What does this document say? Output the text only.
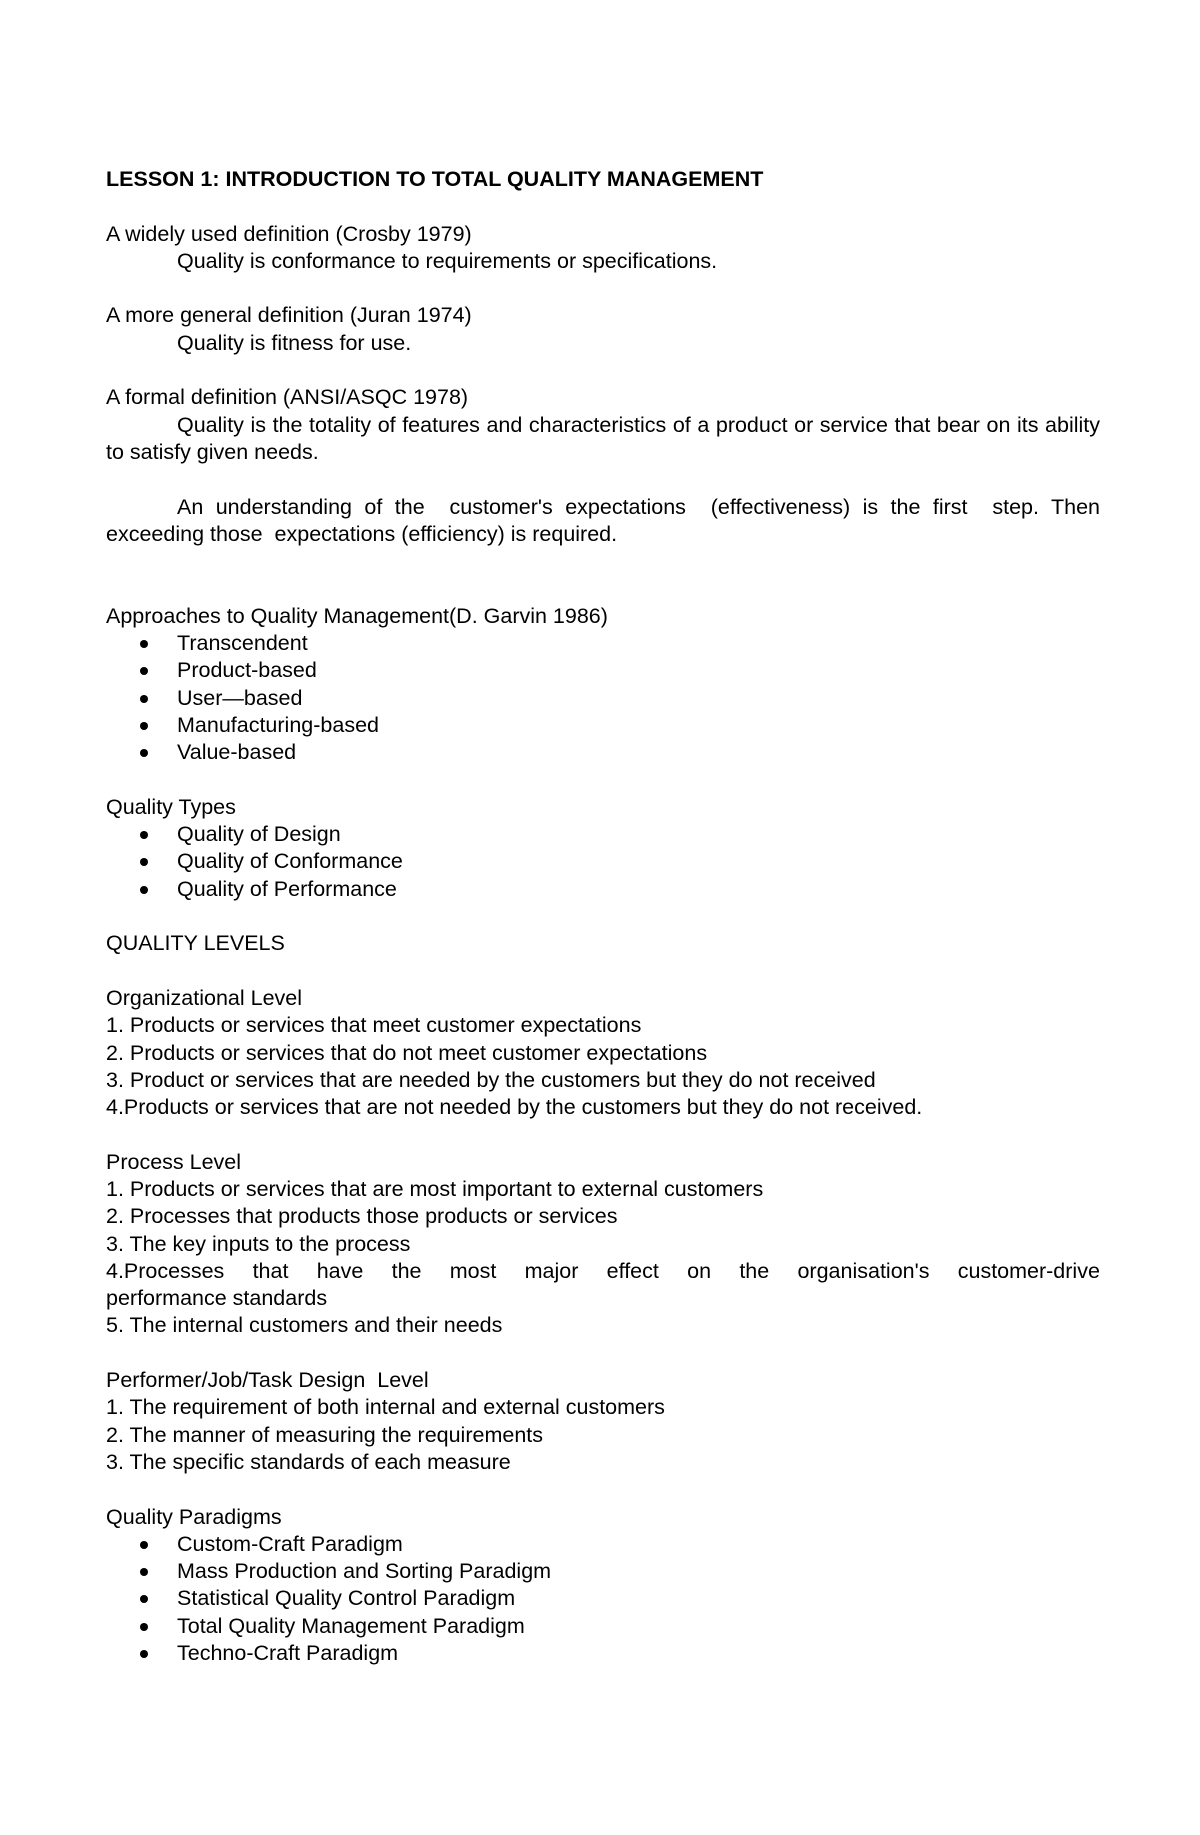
LESSON 1: INTRODUCTION TO TOTAL QUALITY MANAGEMENT

A widely used definition (Crosby 1979)

Quality is conformance to requirements or specifications.

A more general definition (Juran 1974)

Quality is fitness for use.

A formal definition (ANSI/ASQC 1978)

Quality is the totality of features and characteristics of a product or service that bear on its ability to satisfy given needs.

An understanding of the  customer's expectations  (effectiveness) is the first  step. Then exceeding those  expectations (efficiency) is required.

Approaches to Quality Management(D. Garvin 1986)

Transcendent
Product-based
User—based
Manufacturing-based
Value-based

Quality Types

Quality of Design
Quality of Conformance
Quality of Performance

QUALITY LEVELS

Organizational Level

1. Products or services that meet customer expectations

2. Products or services that do not meet customer expectations

3. Product or services that are needed by the customers but they do not received

4.Products or services that are not needed by the customers but they do not received.

Process Level

1. Products or services that are most important to external customers

2. Processes that products those products or services

3. The key inputs to the process

4.Processes that have the most major effect on the organisation's customer-drive

performance standards

5. The internal customers and their needs

Performer/Job/Task Design  Level

1. The requirement of both internal and external customers

2. The manner of measuring the requirements

3. The specific standards of each measure

Quality Paradigms

Custom-Craft Paradigm
Mass Production and Sorting Paradigm
Statistical Quality Control Paradigm
Total Quality Management Paradigm
Techno-Craft Paradigm
